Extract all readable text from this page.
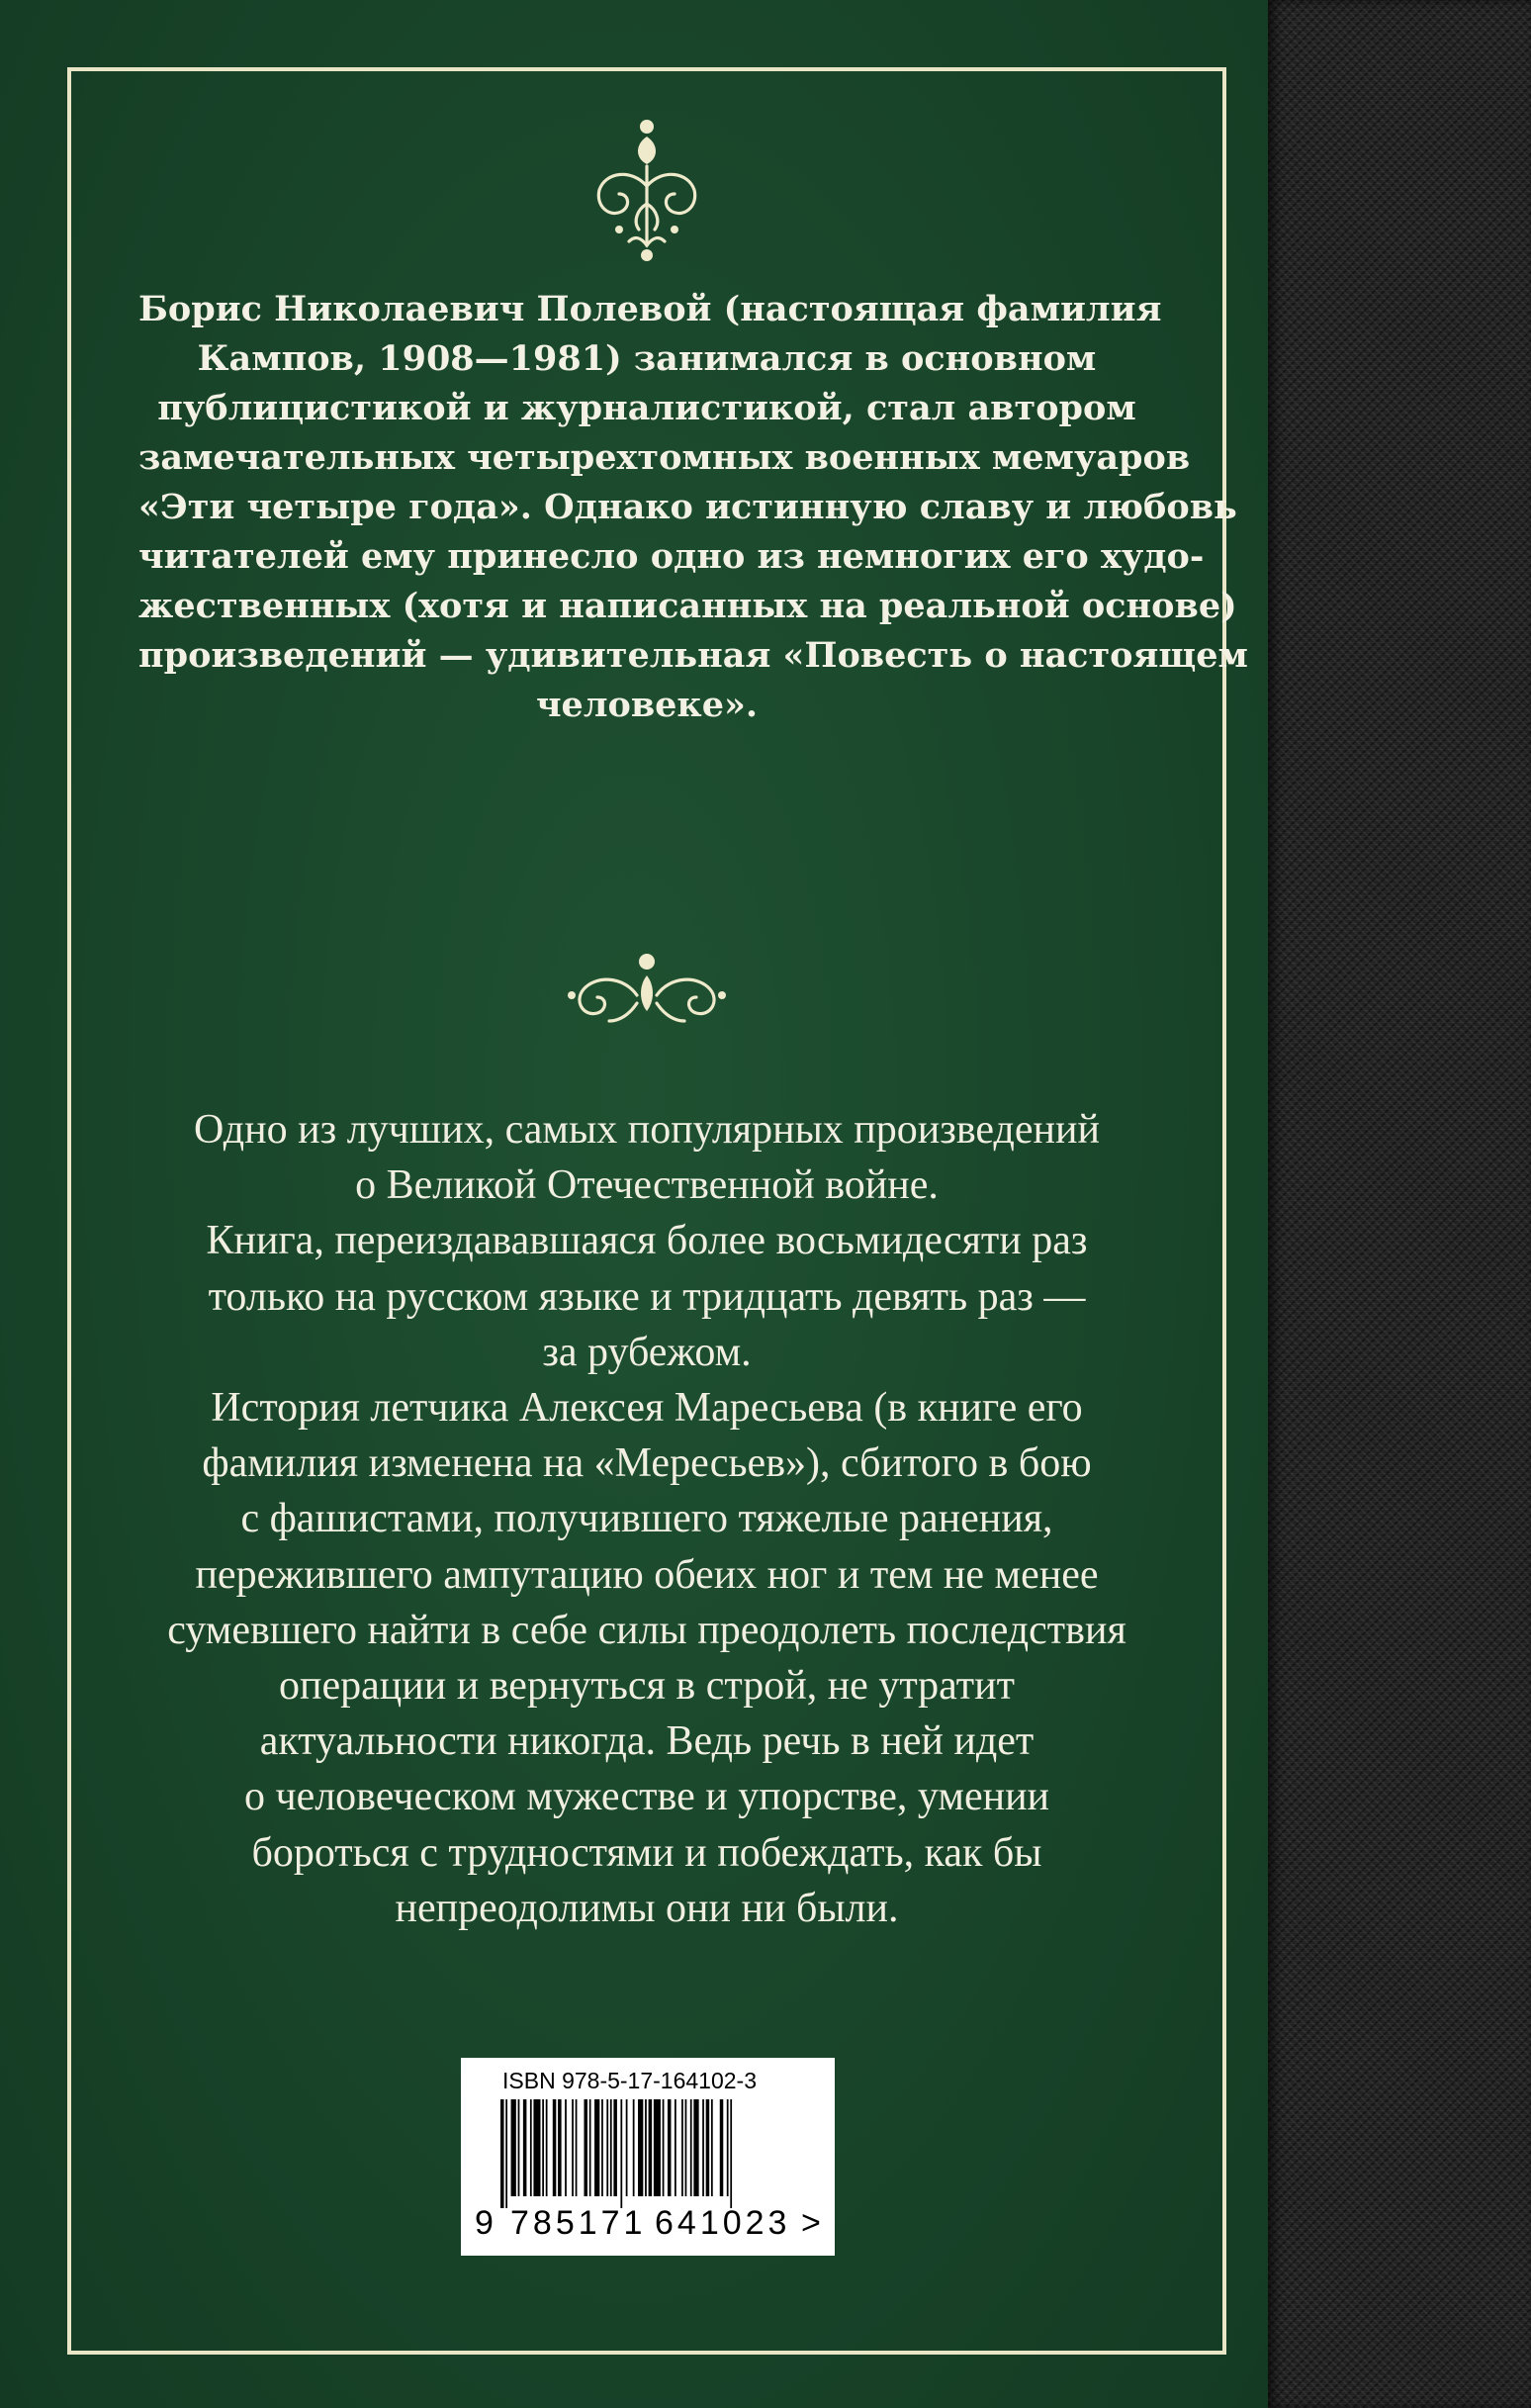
Борис Николаевич Полевой (настоящая фамилия
Кампов, 1908—1981) занимался в основном
публицистикой и журналистикой, стал автором
замечательных четырехтомных военных мемуаров
«Эти четыре года». Однако истинную славу и любовь
читателей ему принесло одно из немногих его худо-
жественных (хотя и написанных на реальной основе)
произведений — удивительная «Повесть о настоящем
человеке».
Одно из лучших, самых популярных произведений
о Великой Отечественной войне.
Книга, переиздававшаяся более восьмидесяти раз
только на русском языке и тридцать девять раз —
за рубежом.
История летчика Алексея Маресьева (в книге его
фамилия изменена на «Мересьев»), сбитого в бою
с фашистами, получившего тяжелые ранения,
пережившего ампутацию обеих ног и тем не менее
сумевшего найти в себе силы преодолеть последствия
операции и вернуться в строй, не утратит
актуальности никогда. Ведь речь в ней идет
о человеческом мужестве и упорстве, умении
бороться с трудностями и побеждать, как бы
непреодолимы они ни были.
ISBN 978-5-17-164102-3
9 785171 641023 >
